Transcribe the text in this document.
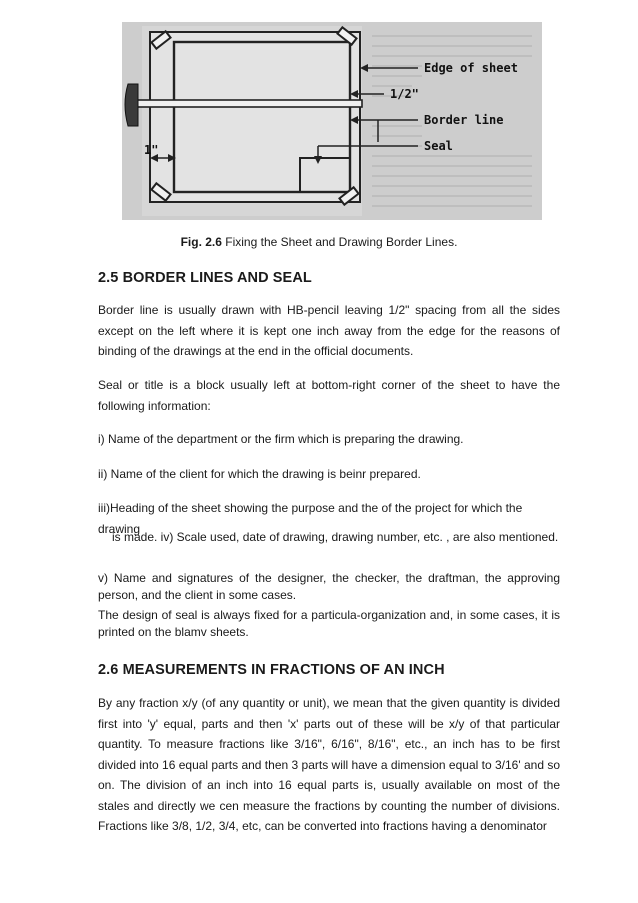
Edge of sheet
1/2"
Border line
Seal
1"
Fig. 2.6 Fixing the Sheet and Drawing Border Lines.
2.5 BORDER LINES AND SEAL

Border line is usually drawn with HB-pencil leaving 1/2" spacing from all the sides except on the left where it is kept one inch away from the edge for the reasons of binding of the drawings at the end in the official documents.

Seal or title is a block usually left at bottom-right corner of the sheet to have the following information:

i) Name of the department or the firm which is preparing the drawing.

ii) Name of the client for which the drawing is beinr prepared.

iii)Heading of the sheet showing the purpose and the of the project for which the drawing

is made. iv) Scale used, date of drawing, drawing number, etc. , are also mentioned.

v) Name and signatures of the designer, the checker, the draftman, the approving person, and the client in some cases.

The design of seal is always fixed for a particula-organization and, in some cases, it is printed on the blamv sheets.

2.6 MEASUREMENTS IN FRACTIONS OF AN INCH

By any fraction x/y (of any quantity or unit), we mean that the given quantity is divided first into 'y' equal, parts and then 'x' parts out of these will be x/y of that particular quantity. To measure fractions like 3/16", 6/16", 8/16", etc., an inch has to be first divided into 16 equal parts and then 3 parts will have a dimension equal to 3/16' and so on. The division of an inch into 16 equal parts is, usually available on most of the stales and directly we cen measure the fractions by counting the number of divisions. Fractions like 3/8, 1/2, 3/4, etc, can be converted into fractions having a denominator
